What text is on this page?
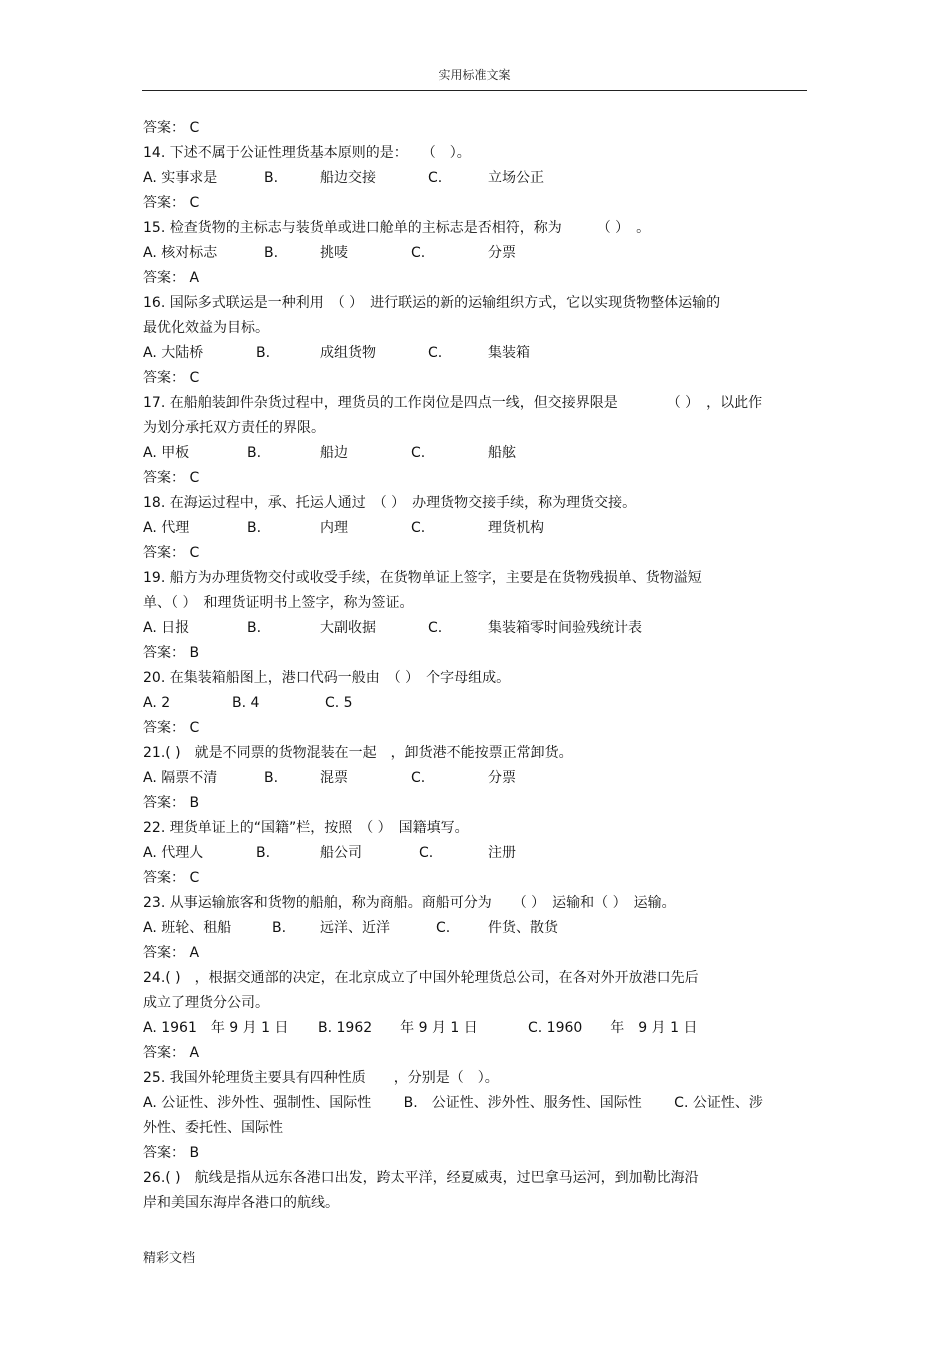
实用标准文案
答案： C
14. 下述不属于公证性理货基本原则的是：　　（　）。
A. 实事求是	B.	船边交接	C.	立场公正
答案： C
15. 检查货物的主标志与装货单或进口舱单的主标志是否相符，称为　　　（ ）　。
A. 核对标志	B.	挑唛	C.	分票
答案： A
16. 国际多式联运是一种利用　（ ）　进行联运的新的运输组织方式，它以实现货物整体运输的
最优化效益为目标。
A. 大陆桥	B.	成组货物	C.	集装箱
答案： C
17. 在船舶装卸件杂货过程中，理货员的工作岗位是四点一线，但交接界限是　　　　（ ）　，以此作
为划分承托双方责任的界限。
A. 甲板	B.	船边	C.	船舷
答案： C
18. 在海运过程中，承、托运人通过　（ ）　办理货物交接手续，称为理货交接。
A. 代理	B.	内理	C.	理货机构
答案： C
19. 船方为办理货物交付或收受手续，在货物单证上签字，主要是在货物残损单、货物溢短
单、（ ）　和理货证明书上签字，称为签证。
A. 日报	B.	大副收据	C.	集装箱零时间验残统计表
答案： B
20. 在集装箱船图上，港口代码一般由　（ ）　个字母组成。
A. 2	B. 4	C. 5
答案： C
21.( )　就是不同票的货物混装在一起　，卸货港不能按票正常卸货。
A. 隔票不清	B.	混票	C.	分票
答案： B
22. 理货单证上的“国籍”栏，按照　（ ）　国籍填写。
A. 代理人	B.	船公司	C.	注册
答案： C
23. 从事运输旅客和货物的船舶，称为商船。商船可分为　　（ ）　运输和（ ）　运输。
A. 班轮、租船	B. 远洋、近洋	C.	件货、散货
答案： A
24.( )　，根据交通部的决定，在北京成立了中国外轮理货总公司，在各对外开放港口先后
成立了理货分公司。
A. 1961　年 9 月 1 日 B. 1962　　年 9 月 1 日	C. 1960　　年　9 月 1 日
答案： A
25. 我国外轮理货主要具有四种性质　　，分别是（　）。
A. 公证性、涉外性、强制性、国际性　　 B.　公证性、涉外性、服务性、国际性　　 C. 公证性、涉
外性、委托性、国际性
答案： B
26.( )　航线是指从远东各港口出发，跨太平洋，经夏威夷，过巴拿马运河，到加勒比海沿
岸和美国东海岸各港口的航线。
精彩文档
